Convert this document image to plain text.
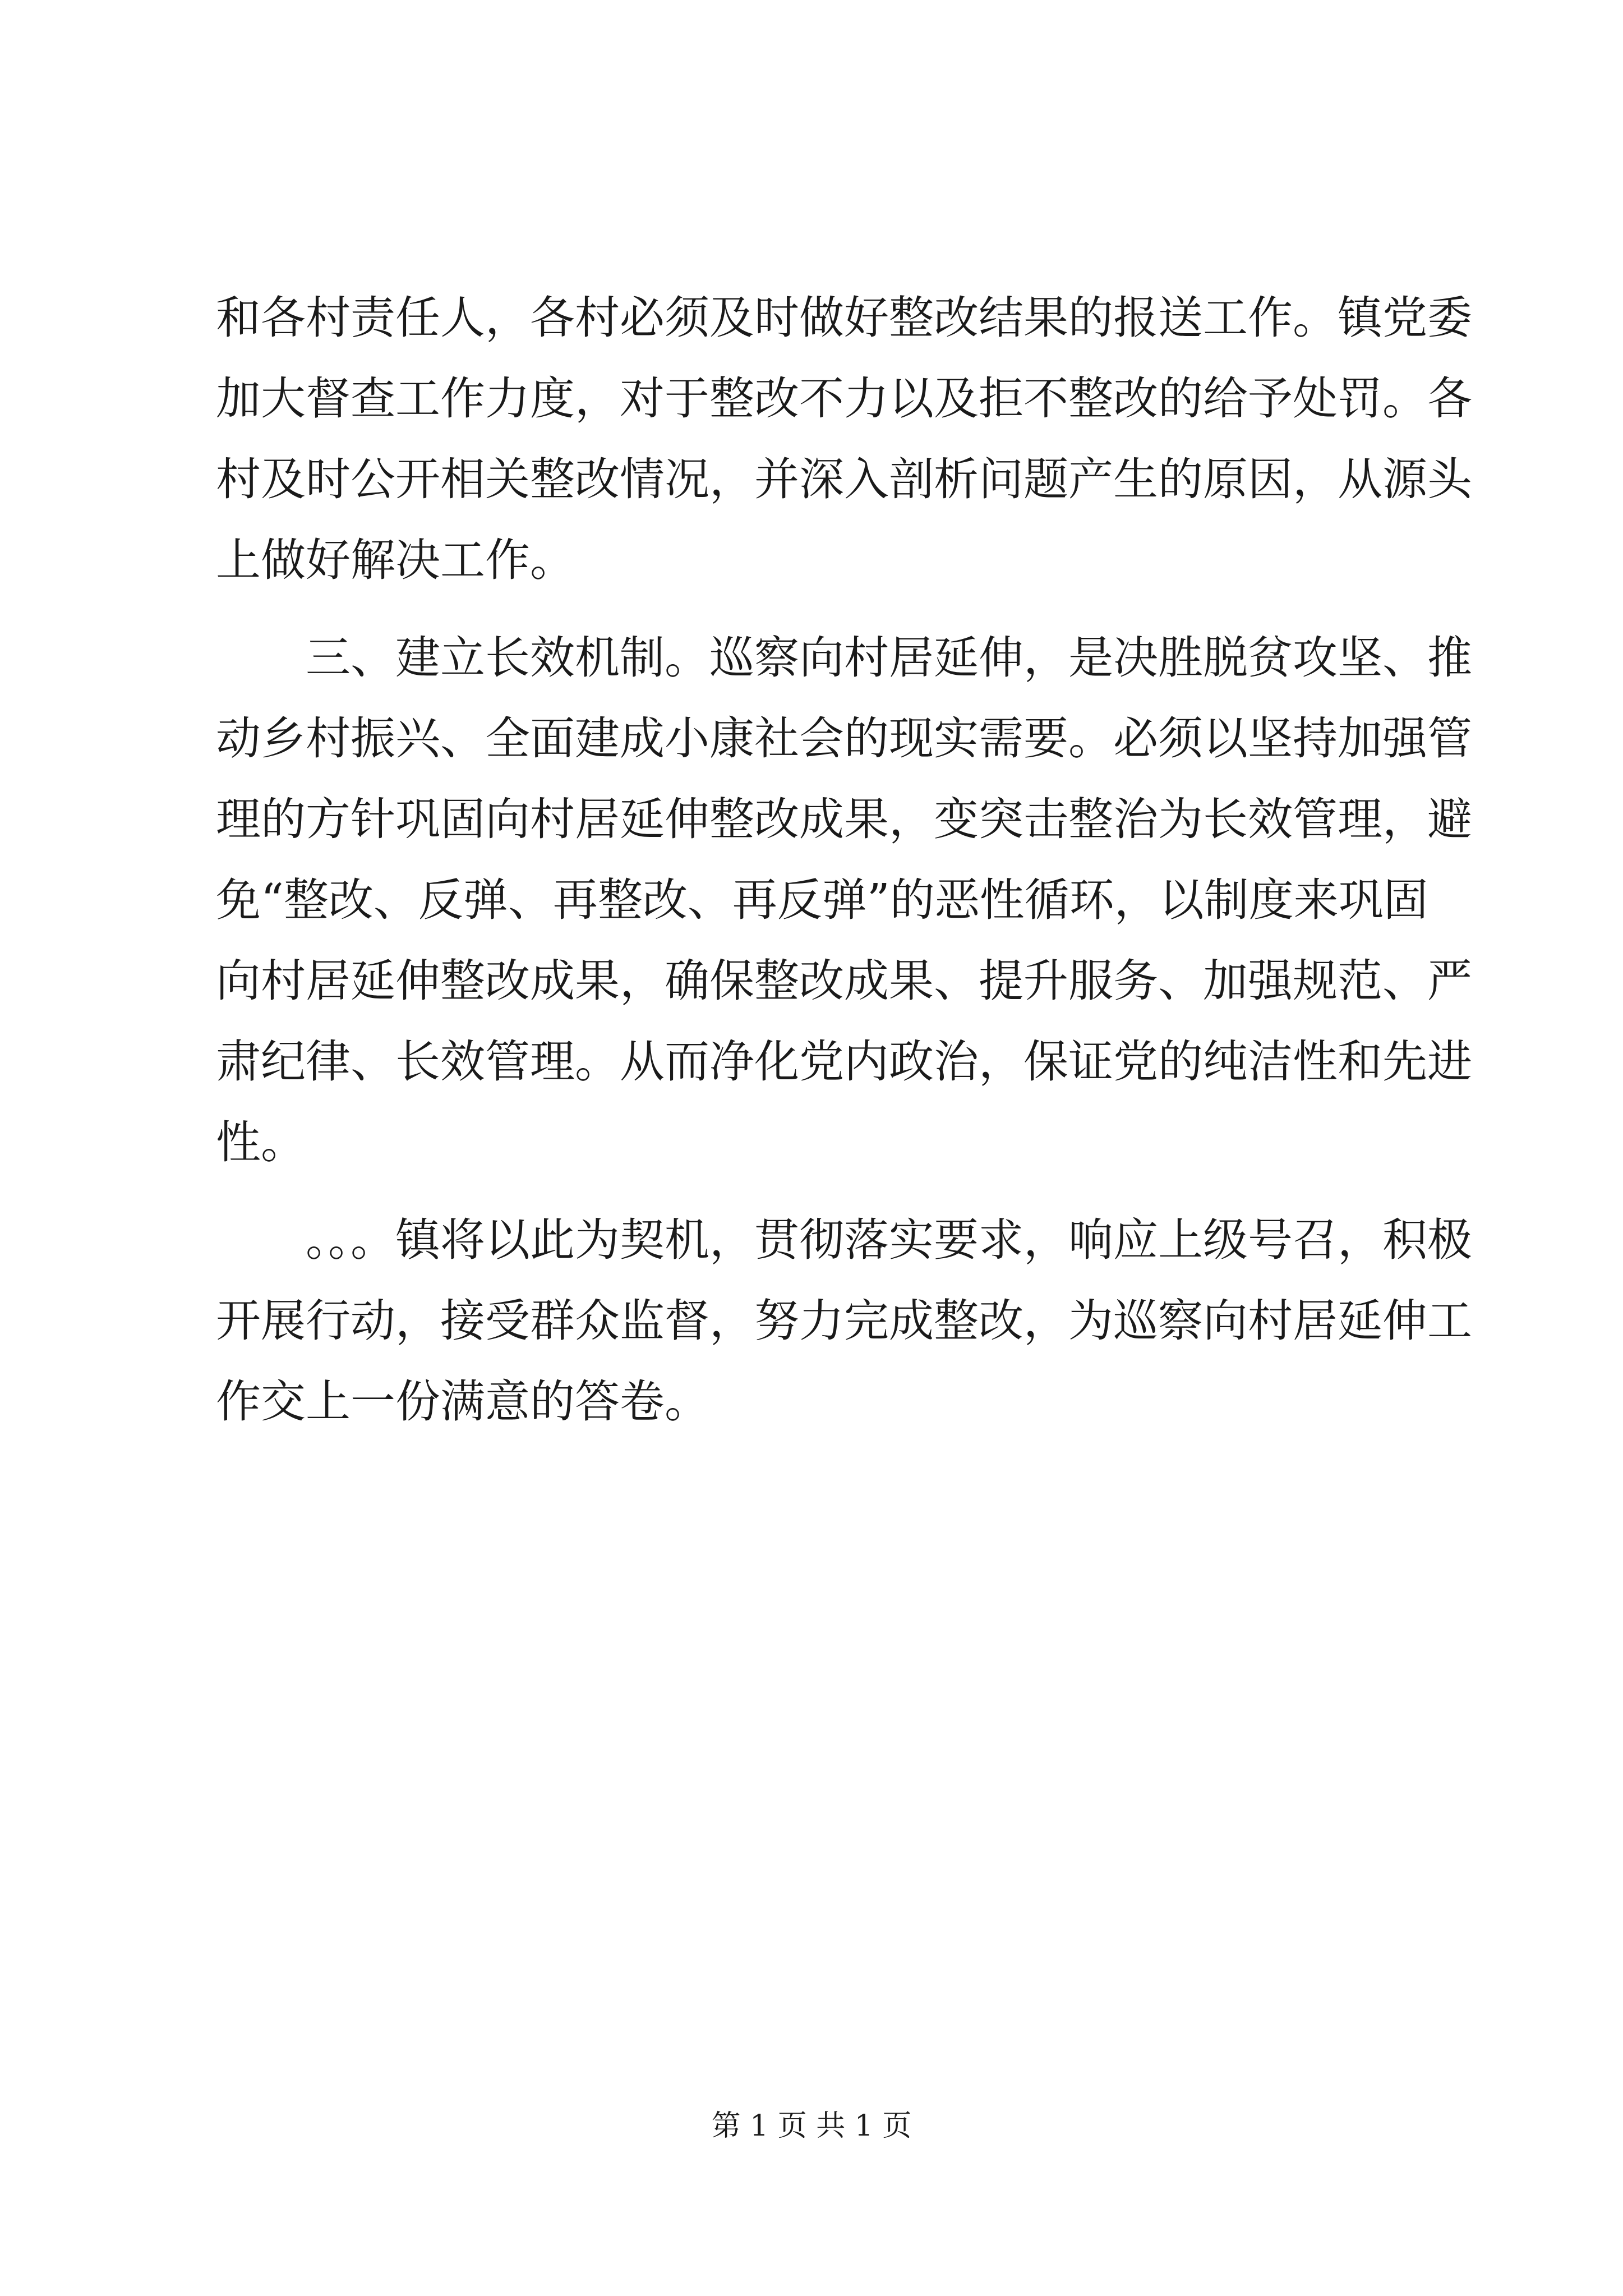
和各村责任人，各村必须及时做好整改结果的报送工作。镇党委
加大督查工作力度，对于整改不力以及拒不整改的给予处罚。各
村及时公开相关整改情况，并深入剖析问题产生的原因，从源头
上做好解决工作。
三、建立长效机制。巡察向村居延伸，是决胜脱贫攻坚、推
动乡村振兴、全面建成小康社会的现实需要。必须以坚持加强管
理的方针巩固向村居延伸整改成果，变突击整治为长效管理，避
免“整改、反弹、再整改、再反弹”的恶性循环，以制度来巩固
向村居延伸整改成果，确保整改成果、提升服务、加强规范、严
肃纪律、长效管理。从而净化党内政治，保证党的纯洁性和先进
性。
。。。镇将以此为契机，贯彻落实要求，响应上级号召，积极
开展行动，接受群众监督，努力完成整改，为巡察向村居延伸工
作交上一份满意的答卷。
第 1 页 共 1 页
